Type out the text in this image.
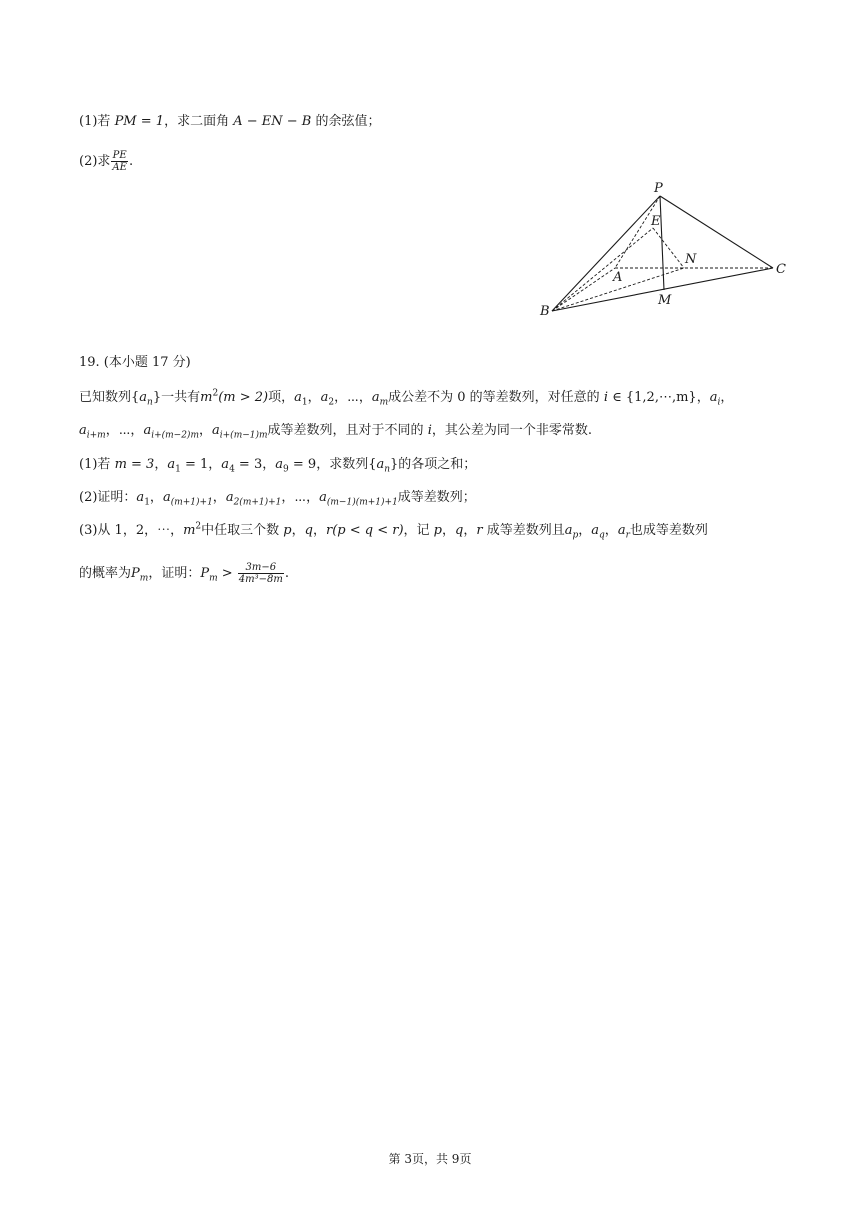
(1)若 PM = 1，求二面角 A − EN − B 的余弦值；
(2)求 $\frac{PE}{AE}$ .
P
E
N
A
C
M
B
19. (本小题 17 分)
已知数列$\{a_n\}$一共有$m^2(m > 2)$项，$a_1$，$a_2$，⋯，$a_m$成公差不为 0 的等差数列，对任意的 i ∈ {1,2,⋯,m}，$a_i$，
$a_{i+m}$，⋯，$a_{i+(m-2)m}$，$a_{i+(m-1)m}$成等差数列，且对于不同的 i，其公差为同一个非零常数.
(1)若 m = 3，$a_1 = 1$，$a_4 = 3$，$a_9 = 9$，求数列$\{a_n\}$的各项之和；
(2)证明：$a_1$，$a_{(m+1)+1}$，$a_{2(m+1)+1}$，⋯，$a_{(m-1)(m+1)+1}$成等差数列；
(3)从 1，2，⋯，$m^2$中任取三个数 p，q，r(p < q < r)，记 p，q，r 成等差数列且$a_p$，$a_q$，$a_r$也成等差数列
的概率为$P_m$，证明：$P_m > \frac{3m-6}{\text{4m³−8m}}$ .
第 3页，共 9页
